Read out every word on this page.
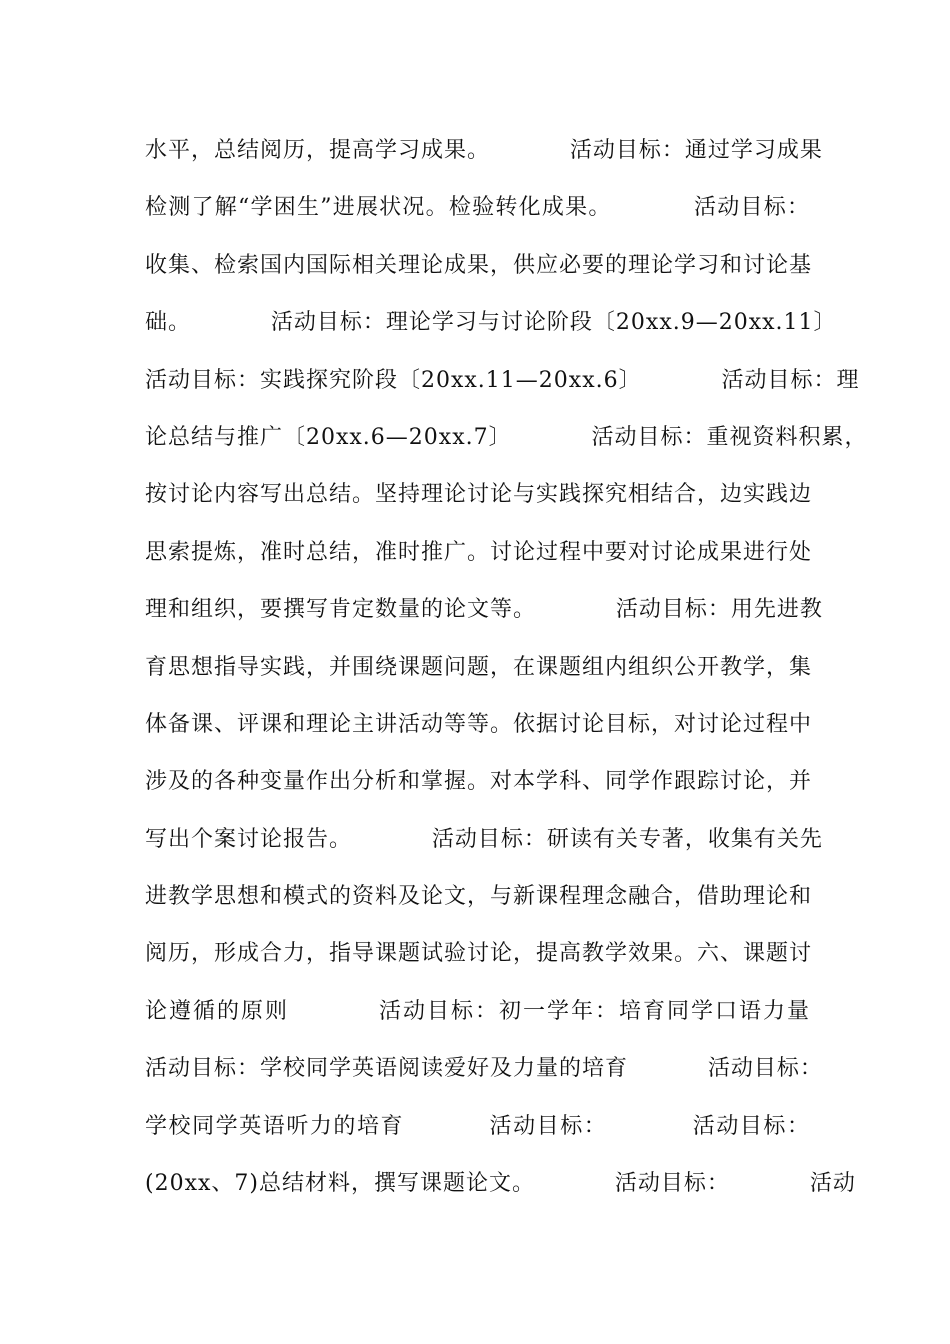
水平，总结阅历，提高学习成果。          活动目标：通过学习成果
检测了解“学困生”进展状况。检验转化成果。          活动目标：
收集、检索国内国际相关理论成果，供应必要的理论学习和讨论基
础。          活动目标：理论学习与讨论阶段〔20xx.9—20xx.11〕
活动目标：实践探究阶段〔20xx.11—20xx.6〕          活动目标：理
论总结与推广〔20xx.6—20xx.7〕          活动目标：重视资料积累，
按讨论内容写出总结。坚持理论讨论与实践探究相结合，边实践边
思索提炼，准时总结，准时推广。讨论过程中要对讨论成果进行处
理和组织，要撰写肯定数量的论文等。          活动目标：用先进教
育思想指导实践，并围绕课题问题，在课题组内组织公开教学，集
体备课、评课和理论主讲活动等等。依据讨论目标，对讨论过程中
涉及的各种变量作出分析和掌握。对本学科、同学作跟踪讨论，并
写出个案讨论报告。          活动目标：研读有关专著，收集有关先
进教学思想和模式的资料及论文，与新课程理念融合，借助理论和
阅历，形成合力，指导课题试验讨论，提高教学效果。六、课题讨
论遵循的原则          活动目标：初一学年：培育同学口语力量
活动目标：学校同学英语阅读爱好及力量的培育          活动目标：
学校同学英语听力的培育          活动目标：          活动目标：
(20xx、7)总结材料，撰写课题论文。          活动目标：          活动
